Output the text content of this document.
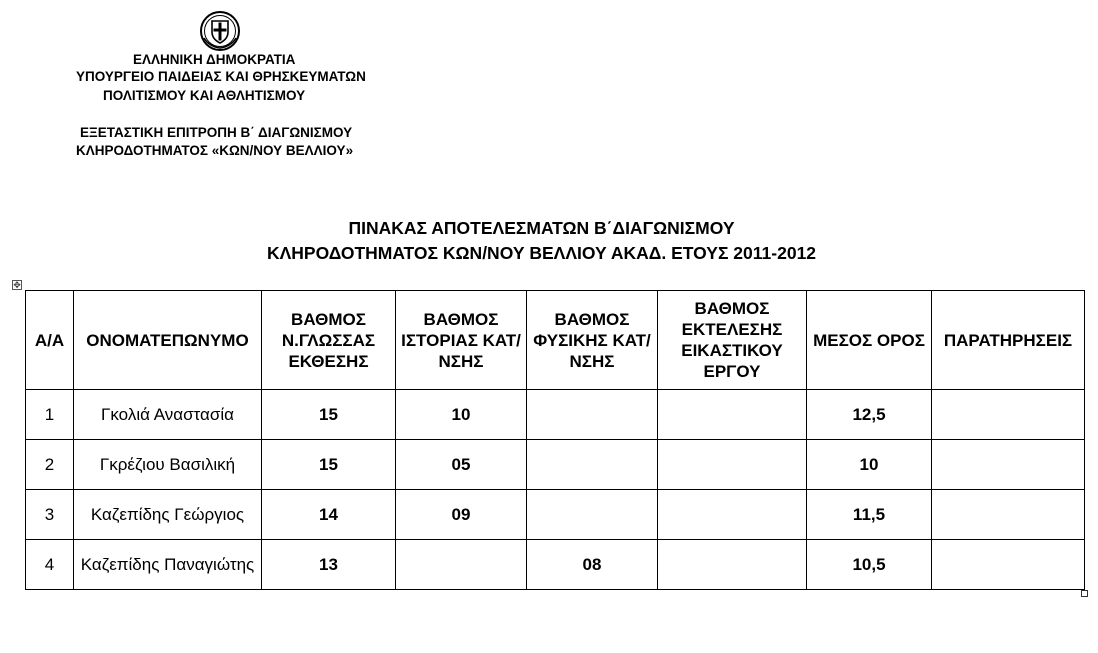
ΕΛΛΗΝΙΚΗ ΔΗΜΟΚΡΑΤΙΑ
ΥΠΟΥΡΓΕΙΟ ΠΑΙΔΕΙΑΣ ΚΑΙ ΘΡΗΣΚΕΥΜΑΤΩΝ
ΠΟΛΙΤΙΣΜΟΥ ΚΑΙ ΑΘΛΗΤΙΣΜΟΥ
ΕΞΕΤΑΣΤΙΚΗ ΕΠΙΤΡΟΠΗ Β΄ ΔΙΑΓΩΝΙΣΜΟΥ
ΚΛΗΡΟΔΟΤΗΜΑΤΟΣ «ΚΩΝ/ΝΟΥ ΒΕΛΛΙΟΥ»
ΠΙΝΑΚΑΣ ΑΠΟΤΕΛΕΣΜΑΤΩΝ Β΄ΔΙΑΓΩΝΙΣΜΟΥ
ΚΛΗΡΟΔΟΤΗΜΑΤΟΣ ΚΩΝ/ΝΟΥ ΒΕΛΛΙΟΥ ΑΚΑΔ. ΕΤΟΥΣ 2011-2012
✥
Α/Α	ΟΝΟΜΑΤΕΠΩΝΥΜΟ	ΒΑΘΜΟΣ Ν.ΓΛΩΣΣΑΣ ΕΚΘΕΣΗΣ	ΒΑΘΜΟΣ ΙΣΤΟΡΙΑΣ ΚΑΤ/ΝΣΗΣ	ΒΑΘΜΟΣ ΦΥΣΙΚΗΣ ΚΑΤ/ΝΣΗΣ	ΒΑΘΜΟΣ ΕΚΤΕΛΕΣΗΣ ΕΙΚΑΣΤΙΚΟΥ ΕΡΓΟΥ	ΜΕΣΟΣ ΟΡΟΣ	ΠΑΡΑΤΗΡΗΣΕΙΣ
1	Γκολιά Αναστασία	15	10			12,5	
2	Γκρέζιου Βασιλική	15	05			10	
3	Καζεπίδης Γεώργιος	14	09			11,5	
4	Καζεπίδης Παναγιώτης	13		08		10,5	
